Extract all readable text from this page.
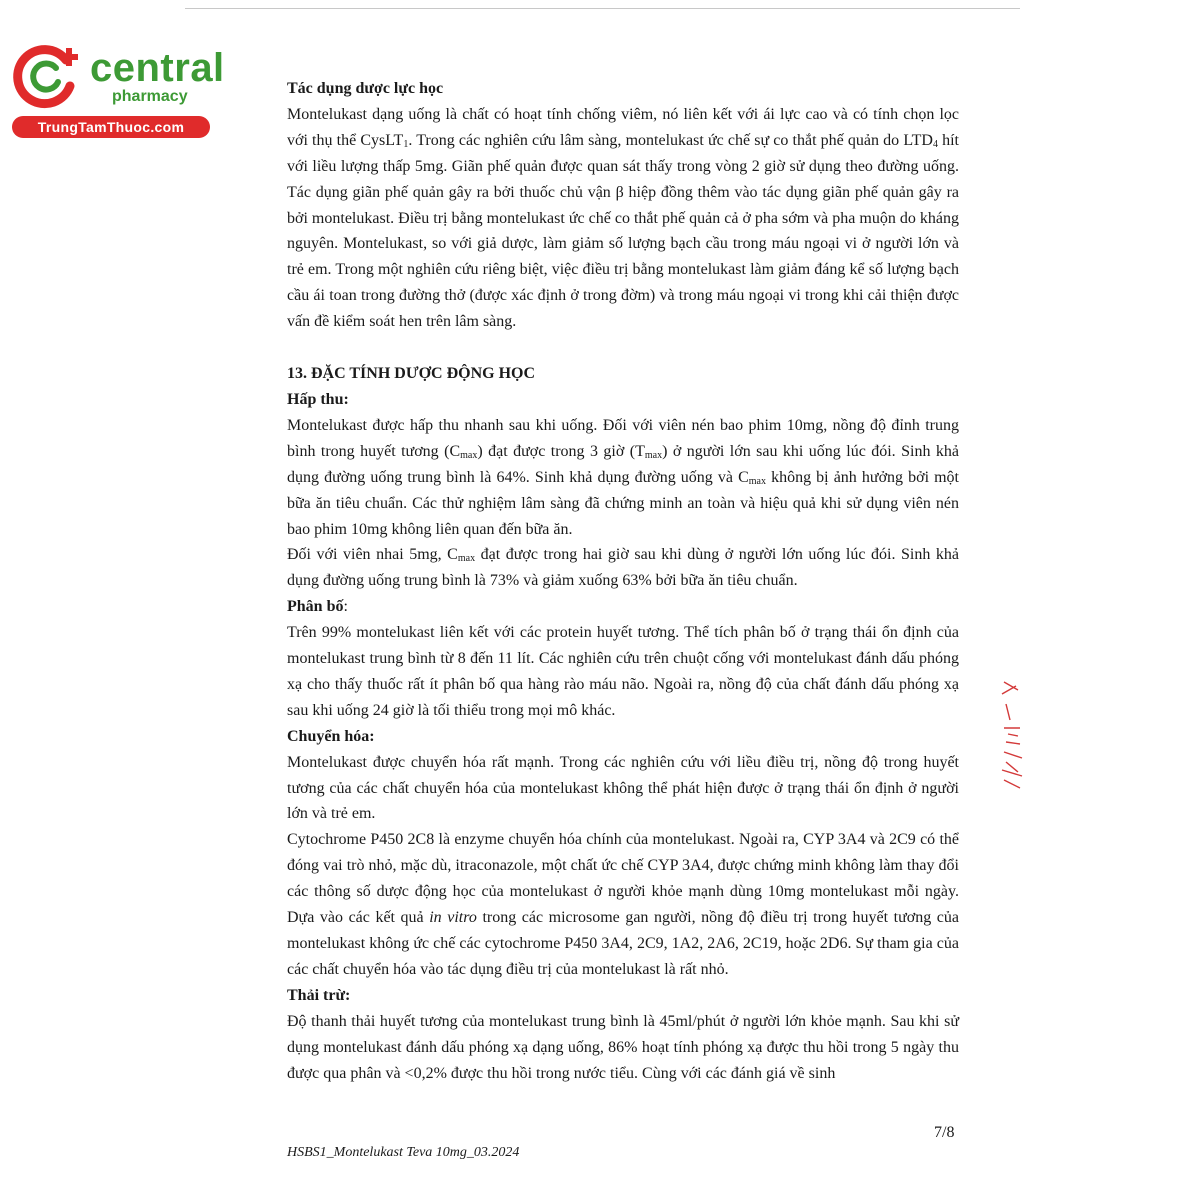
central
pharmacy
TrungTamThuoc.com

Tác dụng dược lực học

Montelukast dạng uống là chất có hoạt tính chống viêm, nó liên kết với ái lực cao và có tính chọn lọc với thụ thể CysLT$_1$. Trong các nghiên cứu lâm sàng, montelukast ức chế sự co thắt phế quản do $LTD_4$ hít với liều lượng thấp 5mg. Giãn phế quản được quan sát thấy trong vòng 2 giờ sử dụng theo đường uống. Tác dụng giãn phế quản gây ra bởi thuốc chủ vận β hiệp đồng thêm vào tác dụng giãn phế quản gây ra bởi montelukast. Điều trị bằng montelukast ức chế co thắt phế quản cả ở pha sớm và pha muộn do kháng nguyên. Montelukast, so với giả dược, làm giảm số lượng bạch cầu trong máu ngoại vi ở người lớn và trẻ em. Trong một nghiên cứu riêng biệt, việc điều trị bằng montelukast làm giảm đáng kể số lượng bạch cầu ái toan trong đường thở (được xác định ở trong đờm) và trong máu ngoại vi trong khi cải thiện được vấn đề kiểm soát hen trên lâm sàng.

13. ĐẶC TÍNH DƯỢC ĐỘNG HỌC

Hấp thu:

Montelukast được hấp thu nhanh sau khi uống. Đối với viên nén bao phim 10mg, nồng độ đỉnh trung bình trong huyết tương $(C_{max})$ đạt được trong 3 giờ $(T_{max})$ ở người lớn sau khi uống lúc đói. Sinh khả dụng đường uống trung bình là 64%. Sinh khả dụng đường uống và $C_{max}$ không bị ảnh hưởng bởi một bữa ăn tiêu chuẩn. Các thử nghiệm lâm sàng đã chứng minh an toàn và hiệu quả khi sử dụng viên nén bao phim 10mg không liên quan đến bữa ăn.

Đối với viên nhai 5mg, $C_{max}$ đạt được trong hai giờ sau khi dùng ở người lớn uống lúc đói. Sinh khả dụng đường uống trung bình là 73% và giảm xuống 63% bởi bữa ăn tiêu chuẩn.

Phân bố:

Trên 99% montelukast liên kết với các protein huyết tương. Thể tích phân bố ở trạng thái ổn định của montelukast trung bình từ 8 đến 11 lít. Các nghiên cứu trên chuột cống với montelukast đánh dấu phóng xạ cho thấy thuốc rất ít phân bố qua hàng rào máu não. Ngoài ra, nồng độ của chất đánh dấu phóng xạ sau khi uống 24 giờ là tối thiểu trong mọi mô khác.

Chuyển hóa:

Montelukast được chuyển hóa rất mạnh. Trong các nghiên cứu với liều điều trị, nồng độ trong huyết tương của các chất chuyển hóa của montelukast không thể phát hiện được ở trạng thái ổn định ở người lớn và trẻ em.

Cytochrome P450 2C8 là enzyme chuyển hóa chính của montelukast. Ngoài ra, CYP 3A4 và 2C9 có thể đóng vai trò nhỏ, mặc dù, itraconazole, một chất ức chế CYP 3A4, được chứng minh không làm thay đổi các thông số dược động học của montelukast ở người khỏe mạnh dùng 10mg montelukast mỗi ngày. Dựa vào các kết quả in vitro trong các microsome gan người, nồng độ điều trị trong huyết tương của montelukast không ức chế các cytochrome P450 3A4, 2C9, 1A2, 2A6, 2C19, hoặc 2D6. Sự tham gia của các chất chuyển hóa vào tác dụng điều trị của montelukast là rất nhỏ.

Thải trừ:

Độ thanh thải huyết tương của montelukast trung bình là 45ml/phút ở người lớn khỏe mạnh. Sau khi sử dụng montelukast đánh dấu phóng xạ dạng uống, 86% hoạt tính phóng xạ được thu hồi trong 5 ngày thu được qua phân và <0,2% được thu hồi trong nước tiểu. Cùng với các đánh giá về sinh

7/8
HSBS1_Montelukast Teva 10mg_03.2024
